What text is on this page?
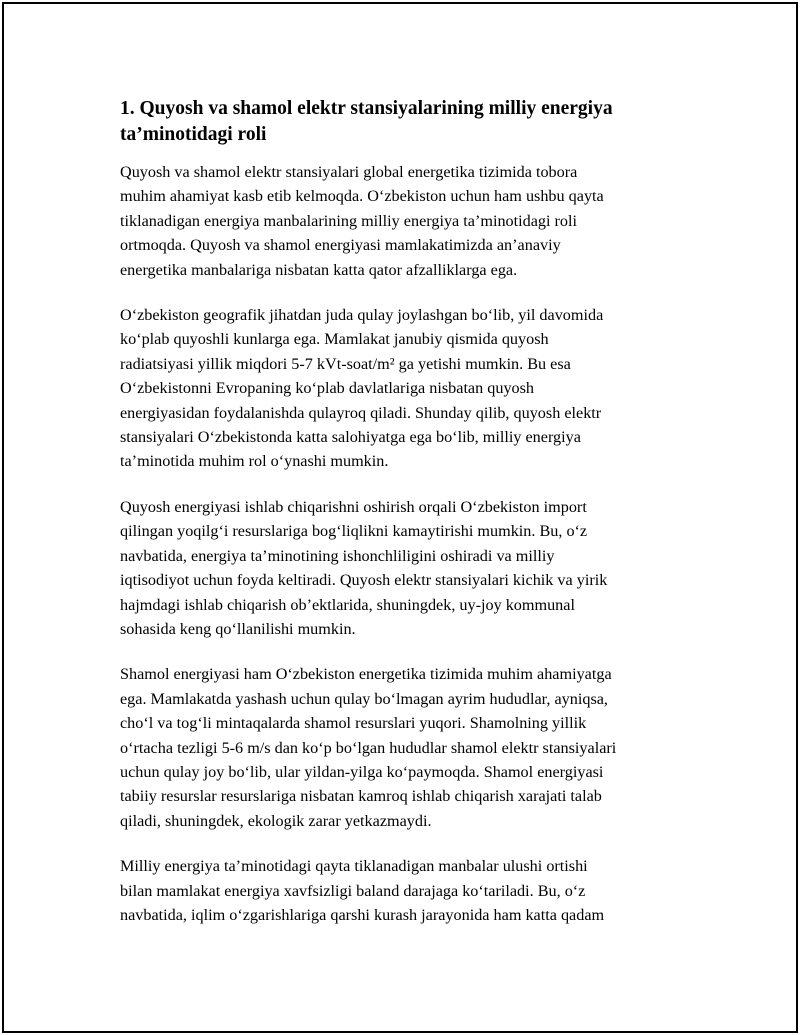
1. Quyosh va shamol elektr stansiyalarining milliy energiya
ta’minotidagi roli

Quyosh va shamol elektr stansiyalari global energetika tizimida tobora
muhim ahamiyat kasb etib kelmoqda. O‘zbekiston uchun ham ushbu qayta
tiklanadigan energiya manbalarining milliy energiya ta’minotidagi roli
ortmoqda. Quyosh va shamol energiyasi mamlakatimizda an’anaviy
energetika manbalariga nisbatan katta qator afzalliklarga ega.

O‘zbekiston geografik jihatdan juda qulay joylashgan bo‘lib, yil davomida
ko‘plab quyoshli kunlarga ega. Mamlakat janubiy qismida quyosh
radiatsiyasi yillik miqdori 5-7 kVt-soat/m² ga yetishi mumkin. Bu esa
O‘zbekistonni Evropaning ko‘plab davlatlariga nisbatan quyosh
energiyasidan foydalanishda qulayroq qiladi. Shunday qilib, quyosh elektr
stansiyalari O‘zbekistonda katta salohiyatga ega bo‘lib, milliy energiya
ta’minotida muhim rol o‘ynashi mumkin.

Quyosh energiyasi ishlab chiqarishni oshirish orqali O‘zbekiston import
qilingan yoqilg‘i resurslariga bog‘liqlikni kamaytirishi mumkin. Bu, o‘z
navbatida, energiya ta’minotining ishonchliligini oshiradi va milliy
iqtisodiyot uchun foyda keltiradi. Quyosh elektr stansiyalari kichik va yirik
hajmdagi ishlab chiqarish ob’ektlarida, shuningdek, uy-joy kommunal
sohasida keng qo‘llanilishi mumkin.

Shamol energiyasi ham O‘zbekiston energetika tizimida muhim ahamiyatga
ega. Mamlakatda yashash uchun qulay bo‘lmagan ayrim hududlar, ayniqsa,
cho‘l va tog‘li mintaqalarda shamol resurslari yuqori. Shamolning yillik
o‘rtacha tezligi 5-6 m/s dan ko‘p bo‘lgan hududlar shamol elektr stansiyalari
uchun qulay joy bo‘lib, ular yildan-yilga ko‘paymoqda. Shamol energiyasi
tabiiy resurslar resurslariga nisbatan kamroq ishlab chiqarish xarajati talab
qiladi, shuningdek, ekologik zarar yetkazmaydi.

Milliy energiya ta’minotidagi qayta tiklanadigan manbalar ulushi ortishi
bilan mamlakat energiya xavfsizligi baland darajaga ko‘tariladi. Bu, o‘z
navbatida, iqlim o‘zgarishlariga qarshi kurash jarayonida ham katta qadam
